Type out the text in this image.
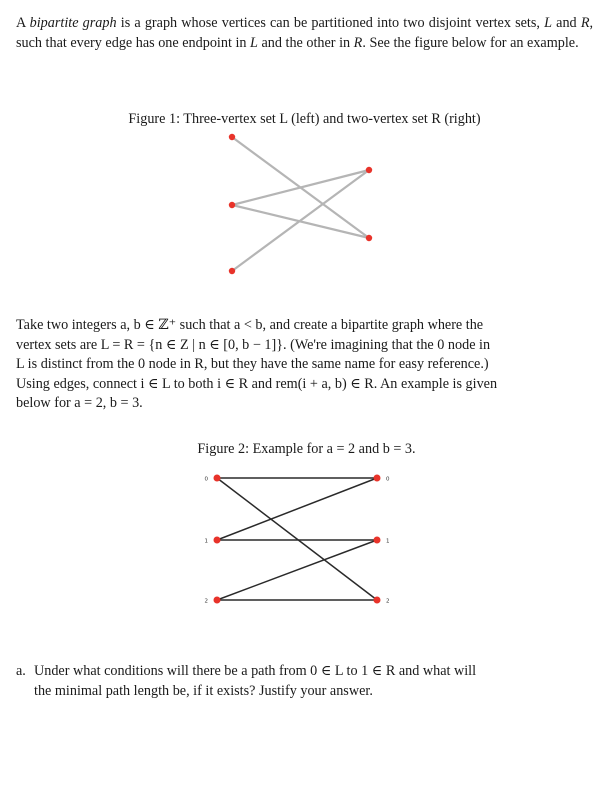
A bipartite graph is a graph whose vertices can be partitioned into two disjoint vertex sets, L and R, such that every edge has one endpoint in L and the other in R. See the figure below for an example.
Figure 1: Three-vertex set L (left) and two-vertex set R (right)
Take two integers a, b ∈ ℤ⁺ such that a < b, and create a bipartite graph where the
vertex sets are L = R = {n ∈ Z | n ∈ [0, b − 1]}. (We're imagining that the 0 node in
L is distinct from the 0 node in R, but they have the same name for easy reference.)
Using edges, connect i ∈ L to both i ∈ R and rem(i + a, b) ∈ R. An example is given
below for a = 2, b = 3.
Figure 2: Example for a = 2 and b = 3.
0
1
2
0
1
2
a. Under what conditions will there be a path from 0 ∈ L to 1 ∈ R and what will
the minimal path length be, if it exists? Justify your answer.
